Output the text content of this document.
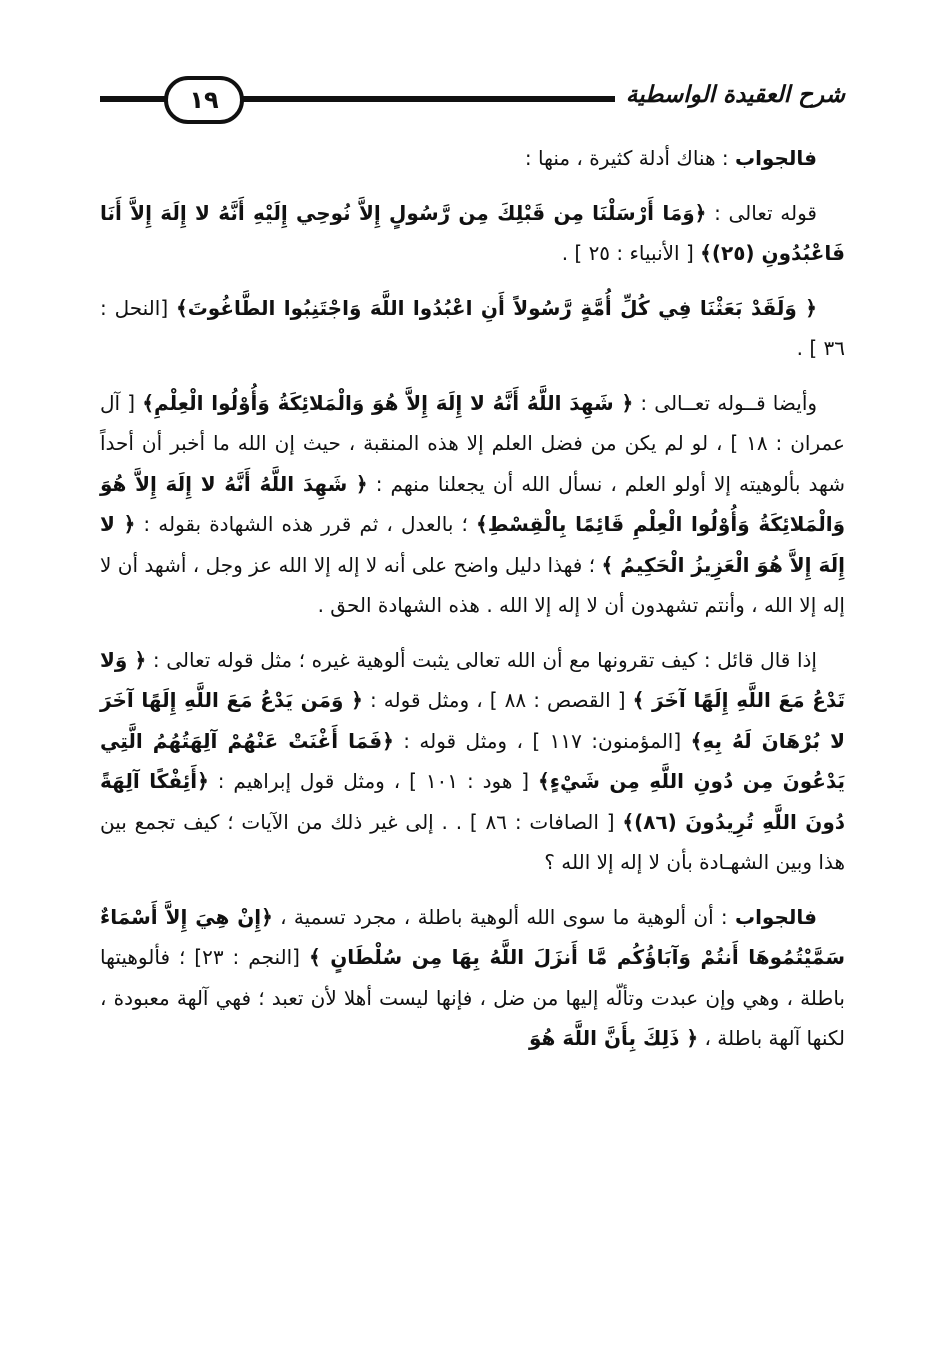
١٩	شرح العقيدة الواسطية

فالجواب : هناك أدلة كثيرة ، منها :

قوله تعالى : ﴿وَمَا أَرْسَلْنَا مِن قَبْلِكَ مِن رَّسُولٍ إِلاَّ نُوحِي إِلَيْهِ أَنَّهُ لا إِلَهَ إِلاَّ أَنَا فَاعْبُدُونِ (٢٥)﴾ [ الأنبياء : ٢٥ ] .

﴿ وَلَقَدْ بَعَثْنَا فِي كُلِّ أُمَّةٍ رَّسُولاً أَنِ اعْبُدُوا اللَّهَ وَاجْتَنِبُوا الطَّاغُوتَ﴾ [النحل : ٣٦ ] .

وأيضا قــوله تعــالى : ﴿ شَهِدَ اللَّهُ أَنَّهُ لا إِلَهَ إِلاَّ هُوَ وَالْمَلائِكَةُ وَأُوْلُوا الْعِلْمِ﴾ [ آل عمران : ١٨ ] ، لو لم يكن من فضل العلم إلا هذه المنقبة ، حيث إن الله ما أخبر أن أحداً شهد بألوهيته إلا أولو العلم ، نسأل الله أن يجعلنا منهم : ﴿ شَهِدَ اللَّهُ أَنَّهُ لا إِلَهَ إِلاَّ هُوَ وَالْمَلائِكَةُ وَأُوْلُوا الْعِلْمِ قَائِمًا بِالْقِسْطِ﴾ ؛ بالعدل ، ثم قرر هذه الشهادة بقوله : ﴿ لا إِلَهَ إِلاَّ هُوَ الْعَزِيزُ الْحَكِيمُ ﴾ ؛ فهذا دليل واضح على أنه لا إله إلا الله عز وجل ، أشهد أن لا إله إلا الله ، وأنتم تشهدون أن لا إله إلا الله . هذه الشهادة الحق .

إذا قال قائل : كيف تقرونها مع أن الله تعالى يثبت ألوهية غيره ؛ مثل قوله تعالى : ﴿ وَلا تَدْعُ مَعَ اللَّهِ إِلَهًا آخَرَ ﴾ [ القصص : ٨٨ ] ، ومثل قوله : ﴿ وَمَن يَدْعُ مَعَ اللَّهِ إِلَهًا آخَرَ لا بُرْهَانَ لَهُ بِهِ﴾ [المؤمنون: ١١٧ ] ، ومثل قوله : ﴿فَمَا أَغْنَتْ عَنْهُمْ آلِهَتُهُمُ الَّتِي يَدْعُونَ مِن دُونِ اللَّهِ مِن شَيْءٍ﴾ [ هود : ١٠١ ] ، ومثل قول إبراهيم : ﴿أَئِفْكًا آلِهَةً دُونَ اللَّهِ تُرِيدُونَ (٨٦)﴾ [ الصافات : ٨٦ ] . . إلى غير ذلك من الآيات ؛ كيف تجمع بين هذا وبين الشهـادة بأن لا إله إلا الله ؟

فالجواب : أن ألوهية ما سوى الله ألوهية باطلة ، مجرد تسمية ، ﴿إِنْ هِيَ إِلاَّ أَسْمَاءٌ سَمَّيْتُمُوهَا أَنتُمْ وَآبَاؤُكُم مَّا أَنزَلَ اللَّهُ بِهَا مِن سُلْطَانٍ ﴾ [النجم : ٢٣] ؛ فألوهيتها باطلة ، وهي وإن عبدت وتألّه إليها من ضل ، فإنها ليست أهلا لأن تعبد ؛ فهي آلهة معبودة ، لكنها آلهة باطلة ، ﴿ ذَلِكَ بِأَنَّ اللَّهَ هُوَ
